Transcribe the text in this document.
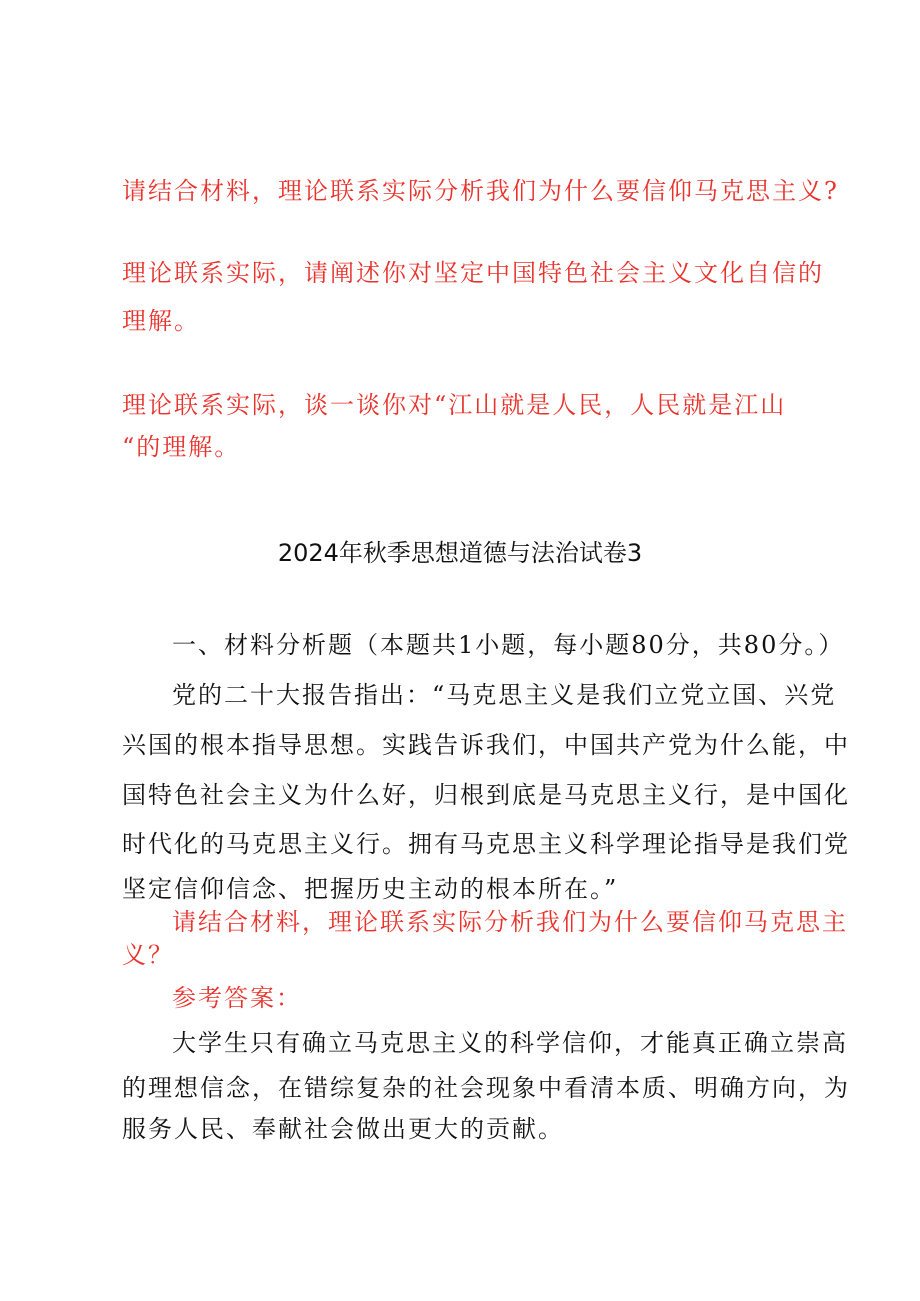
请结合材料，理论联系实际分析我们为什么要信仰马克思主义?
理论联系实际，请阐述你对坚定中国特色社会主义文化自信的
理解。
理论联系实际，谈一谈你对“江山就是人民，人民就是江山
“的理解。
2024年秋季思想道德与法治试卷3
一、材料分析题（本题共1小题，每小题80分，共80分。）
党的二十大报告指出：“马克思主义是我们立党立国、兴党
兴国的根本指导思想。实践告诉我们，中国共产党为什么能，中
国特色社会主义为什么好，归根到底是马克思主义行，是中国化
时代化的马克思主义行。拥有马克思主义科学理论指导是我们党
坚定信仰信念、把握历史主动的根本所在。”
请结合材料，理论联系实际分析我们为什么要信仰马克思主
义？
参考答案：
大学生只有确立马克思主义的科学信仰，才能真正确立崇高
的理想信念，在错综复杂的社会现象中看清本质、明确方向，为
服务人民、奉献社会做出更大的贡献。
